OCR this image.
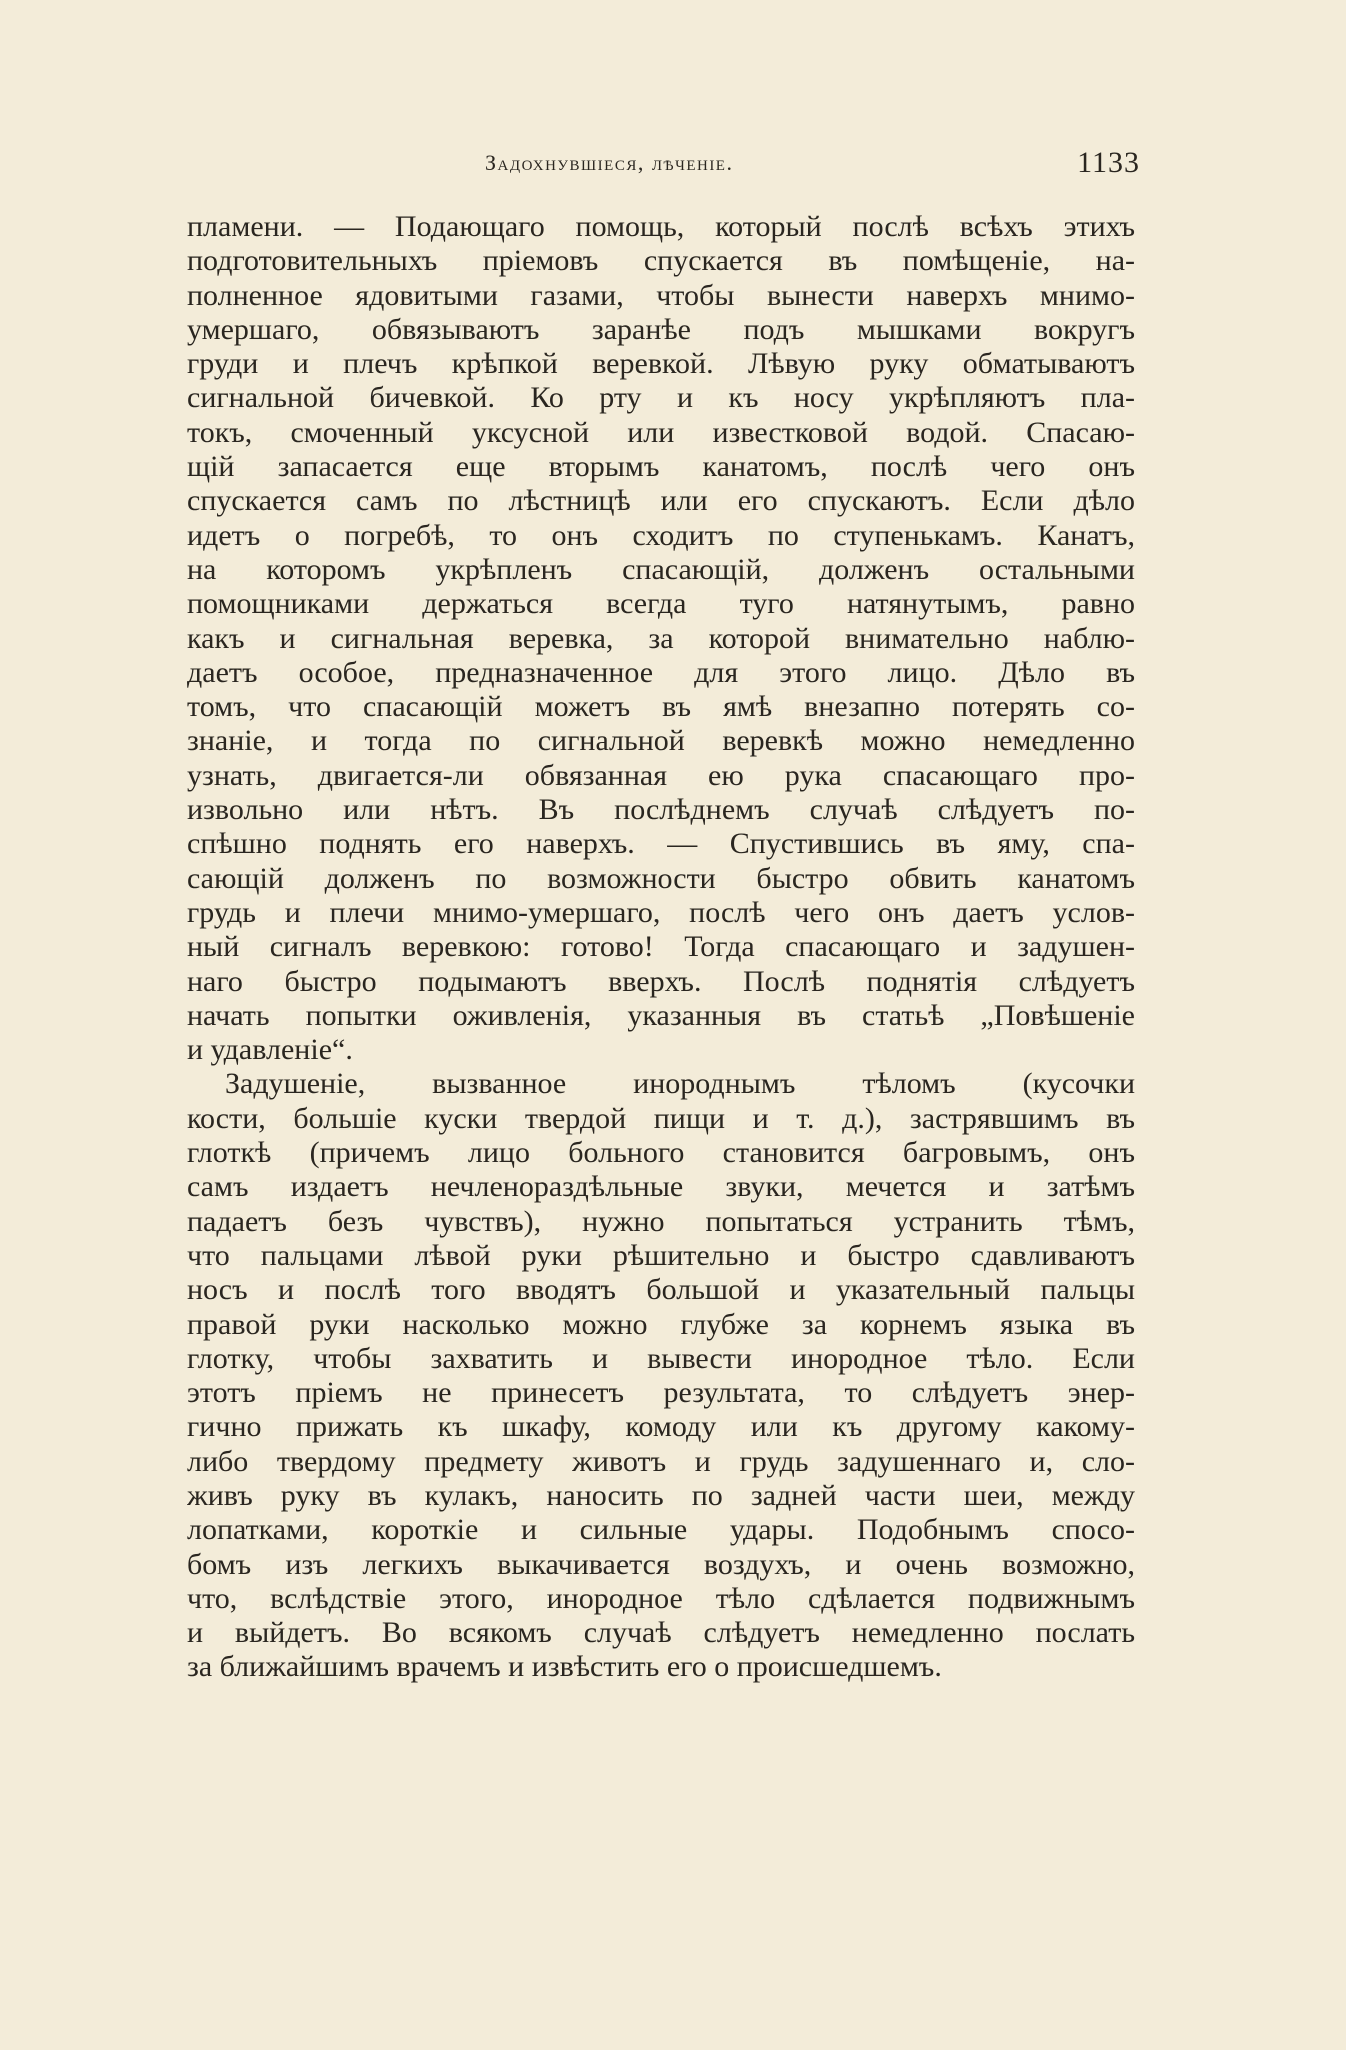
Задохнувшіеся, лѣченіе.	1133
пламени. — Подающаго помощь, который послѣ всѣхъ этихъ
подготовительныхъ пріемовъ спускается въ помѣщеніе, на-
полненное ядовитыми газами, чтобы вынести наверхъ мнимо-
умершаго, обвязываютъ заранѣе подъ мышками вокругъ
груди и плечъ крѣпкой веревкой. Лѣвую руку обматываютъ
сигнальной бичевкой. Ко рту и къ носу укрѣпляютъ пла-
токъ, смоченный уксусной или известковой водой. Спасаю-
щій запасается еще вторымъ канатомъ, послѣ чего онъ
спускается самъ по лѣстницѣ или его спускаютъ. Если дѣло
идетъ о погребѣ, то онъ сходитъ по ступенькамъ. Канатъ,
на которомъ укрѣпленъ спасающій, долженъ остальными
помощниками держаться всегда туго натянутымъ, равно
какъ и сигнальная веревка, за которой внимательно наблю-
даетъ особое, предназначенное для этого лицо. Дѣло въ
томъ, что спасающій можетъ въ ямѣ внезапно потерять со-
знаніе, и тогда по сигнальной веревкѣ можно немедленно
узнать, двигается-ли обвязанная ею рука спасающаго про-
извольно или нѣтъ. Въ послѣднемъ случаѣ слѣдуетъ по-
спѣшно поднять его наверхъ. — Спустившись въ яму, спа-
сающій долженъ по возможности быстро обвить канатомъ
грудь и плечи мнимо-умершаго, послѣ чего онъ даетъ услов-
ный сигналъ веревкою: готово! Тогда спасающаго и задушен-
наго быстро подымаютъ вверхъ. Послѣ поднятія слѣдуетъ
начать попытки оживленія, указанныя въ статьѣ „Повѣшеніе
и удавленіе“.
Задушеніе, вызванное инороднымъ тѣломъ (кусочки
кости, большіе куски твердой пищи и т. д.), застрявшимъ въ
глоткѣ (причемъ лицо больного становится багровымъ, онъ
самъ издаетъ нечленораздѣльные звуки, мечется и затѣмъ
падаетъ безъ чувствъ), нужно попытаться устранить тѣмъ,
что пальцами лѣвой руки рѣшительно и быстро сдавливаютъ
носъ и послѣ того вводятъ большой и указательный пальцы
правой руки насколько можно глубже за корнемъ языка въ
глотку, чтобы захватить и вывести инородное тѣло. Если
этотъ пріемъ не принесетъ результата, то слѣдуетъ энер-
гично прижать къ шкафу, комоду или къ другому какому-
либо твердому предмету животъ и грудь задушеннаго и, сло-
живъ руку въ кулакъ, наносить по задней части шеи, между
лопатками, короткіе и сильные удары. Подобнымъ спосо-
бомъ изъ легкихъ выкачивается воздухъ, и очень возможно,
что, вслѣдствіе этого, инородное тѣло сдѣлается подвижнымъ
и выйдетъ. Во всякомъ случаѣ слѣдуетъ немедленно послать
за ближайшимъ врачемъ и извѣстить его о происшедшемъ.
